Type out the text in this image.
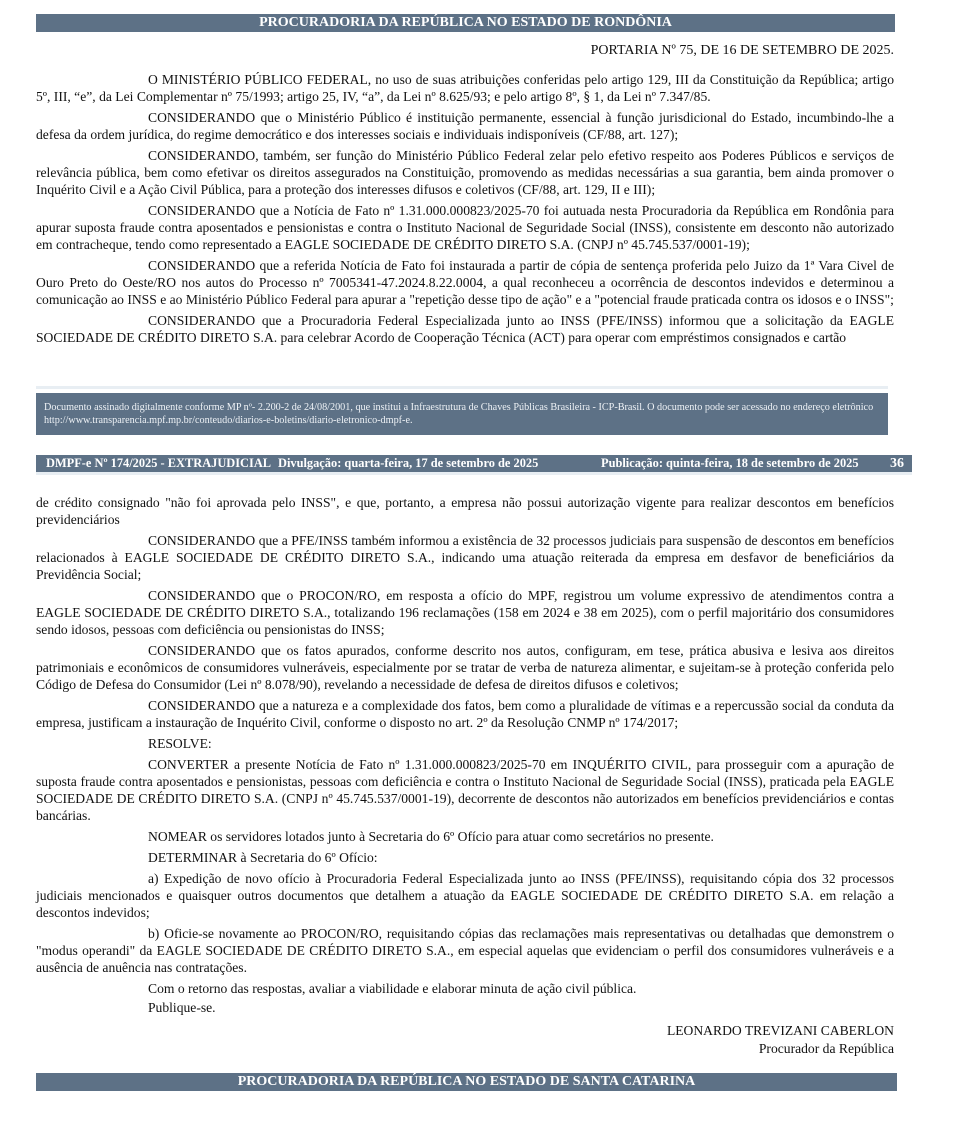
PROCURADORIA DA REPÚBLICA NO ESTADO DE RONDÔNIA

PORTARIA Nº 75, DE 16 DE SETEMBRO DE 2025.

O MINISTÉRIO PÚBLICO FEDERAL, no uso de suas atribuições conferidas pelo artigo 129, III da Constituição da República; artigo 5º, III, “e”, da Lei Complementar nº 75/1993; artigo 25, IV, “a”, da Lei nº 8.625/93; e pelo artigo 8º, § 1, da Lei nº 7.347/85.

CONSIDERANDO que o Ministério Público é instituição permanente, essencial à função jurisdicional do Estado, incumbindo-lhe a defesa da ordem jurídica, do regime democrático e dos interesses sociais e individuais indisponíveis (CF/88, art. 127);

CONSIDERANDO, também, ser função do Ministério Público Federal zelar pelo efetivo respeito aos Poderes Públicos e serviços de relevância pública, bem como efetivar os direitos assegurados na Constituição, promovendo as medidas necessárias a sua garantia, bem ainda promover o Inquérito Civil e a Ação Civil Pública, para a proteção dos interesses difusos e coletivos (CF/88, art. 129, II e III);

CONSIDERANDO que a Notícia de Fato nº 1.31.000.000823/2025-70 foi autuada nesta Procuradoria da República em Rondônia para apurar suposta fraude contra aposentados e pensionistas e contra o Instituto Nacional de Seguridade Social (INSS), consistente em desconto não autorizado em contracheque, tendo como representado a EAGLE SOCIEDADE DE CRÉDITO DIRETO S.A. (CNPJ nº 45.745.537/0001-19);

CONSIDERANDO que a referida Notícia de Fato foi instaurada a partir de cópia de sentença proferida pelo Juizo da 1ª Vara Civel de Ouro Preto do Oeste/RO nos autos do Processo nº 7005341-47.2024.8.22.0004, a qual reconheceu a ocorrência de descontos indevidos e determinou a comunicação ao INSS e ao Ministério Público Federal para apurar a "repetição desse tipo de ação" e a "potencial fraude praticada contra os idosos e o INSS";

CONSIDERANDO que a Procuradoria Federal Especializada junto ao INSS (PFE/INSS) informou que a solicitação da EAGLE SOCIEDADE DE CRÉDITO DIRETO S.A. para celebrar Acordo de Cooperação Técnica (ACT) para operar com empréstimos consignados e cartão

Documento assinado digitalmente conforme MP nº- 2.200-2 de 24/08/2001, que institui a Infraestrutura de Chaves Públicas Brasileira - ICP-Brasil. O documento pode ser acessado no endereço eletrônico http://www.transparencia.mpf.mp.br/conteudo/diarios-e-boletins/diario-eletronico-dmpf-e.
DMPF-e Nº 174/2025 - EXTRAJUDICIAL Divulgação: quarta-feira, 17 de setembro de 2025	Publicação: quinta-feira, 18 de setembro de 2025	36

de crédito consignado "não foi aprovada pelo INSS", e que, portanto, a empresa não possui autorização vigente para realizar descontos em benefícios previdenciários

CONSIDERANDO que a PFE/INSS também informou a existência de 32 processos judiciais para suspensão de descontos em benefícios relacionados à EAGLE SOCIEDADE DE CRÉDITO DIRETO S.A., indicando uma atuação reiterada da empresa em desfavor de beneficiários da Previdência Social;

CONSIDERANDO que o PROCON/RO, em resposta a ofício do MPF, registrou um volume expressivo de atendimentos contra a EAGLE SOCIEDADE DE CRÉDITO DIRETO S.A., totalizando 196 reclamações (158 em 2024 e 38 em 2025), com o perfil majoritário dos consumidores sendo idosos, pessoas com deficiência ou pensionistas do INSS;

CONSIDERANDO que os fatos apurados, conforme descrito nos autos, configuram, em tese, prática abusiva e lesiva aos direitos patrimoniais e econômicos de consumidores vulneráveis, especialmente por se tratar de verba de natureza alimentar, e sujeitam-se à proteção conferida pelo Código de Defesa do Consumidor (Lei nº 8.078/90), revelando a necessidade de defesa de direitos difusos e coletivos;

CONSIDERANDO que a natureza e a complexidade dos fatos, bem como a pluralidade de vítimas e a repercussão social da conduta da empresa, justificam a instauração de Inquérito Civil, conforme o disposto no art. 2º da Resolução CNMP nº 174/2017;

RESOLVE:

CONVERTER a presente Notícia de Fato nº 1.31.000.000823/2025-70 em INQUÉRITO CIVIL, para prosseguir com a apuração de suposta fraude contra aposentados e pensionistas, pessoas com deficiência e contra o Instituto Nacional de Seguridade Social (INSS), praticada pela EAGLE SOCIEDADE DE CRÉDITO DIRETO S.A. (CNPJ nº 45.745.537/0001-19), decorrente de descontos não autorizados em benefícios previdenciários e contas bancárias.

NOMEAR os servidores lotados junto à Secretaria do 6º Ofício para atuar como secretários no presente.

DETERMINAR à Secretaria do 6º Ofício:

a) Expedição de novo ofício à Procuradoria Federal Especializada junto ao INSS (PFE/INSS), requisitando cópia dos 32 processos judiciais mencionados e quaisquer outros documentos que detalhem a atuação da EAGLE SOCIEDADE DE CRÉDITO DIRETO S.A. em relação a descontos indevidos;

b) Oficie-se novamente ao PROCON/RO, requisitando cópias das reclamações mais representativas ou detalhadas que demonstrem o "modus operandi" da EAGLE SOCIEDADE DE CRÉDITO DIRETO S.A., em especial aquelas que evidenciam o perfil dos consumidores vulneráveis e a ausência de anuência nas contratações.

Com o retorno das respostas, avaliar a viabilidade e elaborar minuta de ação civil pública.

Publique-se.

LEONARDO TREVIZANI CABERLON
Procurador da República
PROCURADORIA DA REPÚBLICA NO ESTADO DE SANTA CATARINA
